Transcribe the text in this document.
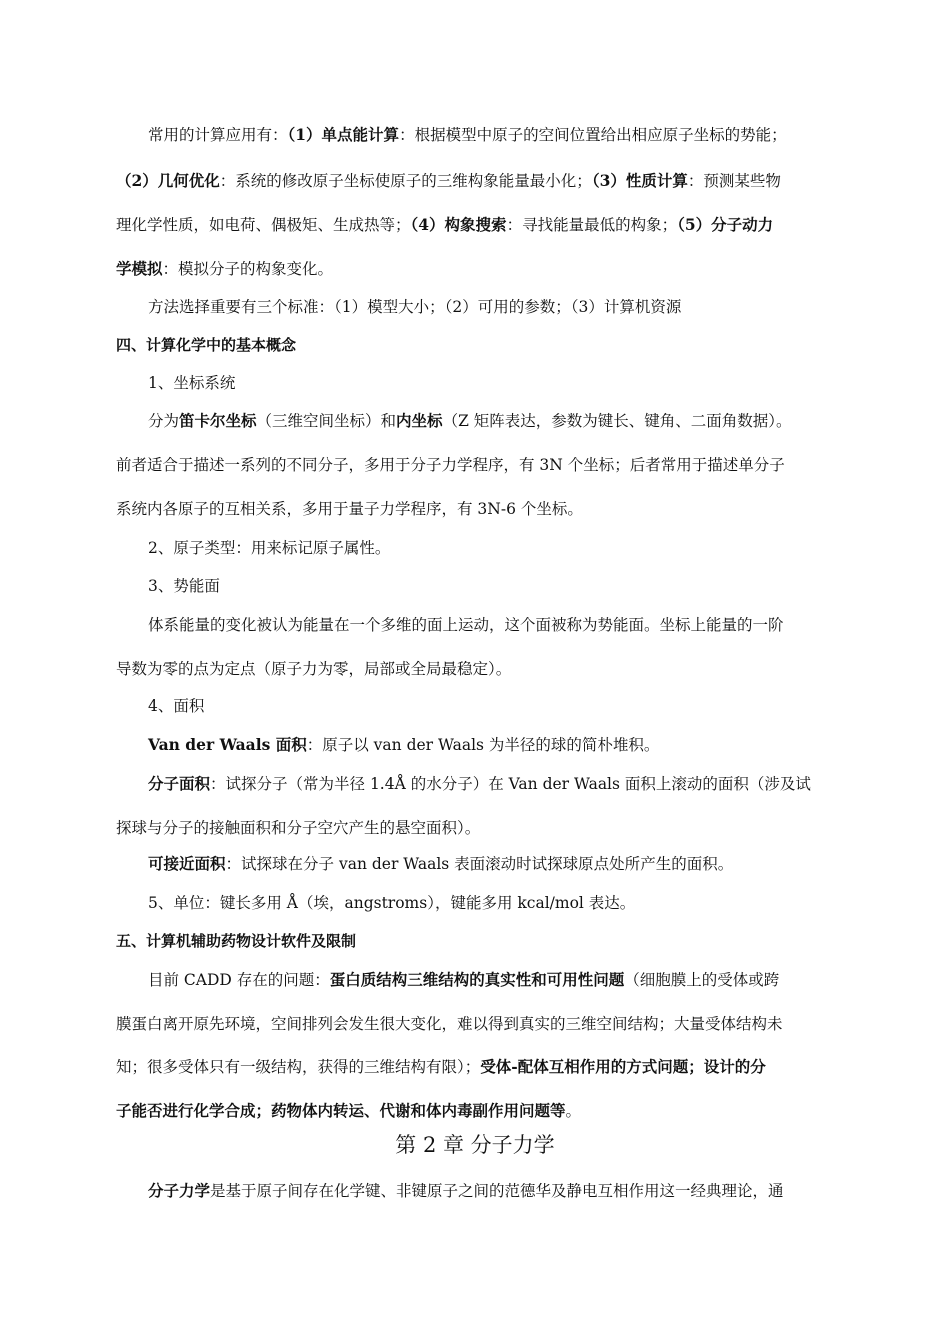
常用的计算应用有：（1）单点能计算：根据模型中原子的空间位置给出相应原子坐标的势能；
（2）几何优化：系统的修改原子坐标使原子的三维构象能量最小化；（3）性质计算：预测某些物
理化学性质，如电荷、偶极矩、生成热等；（4）构象搜索：寻找能量最低的构象；（5）分子动力
学模拟：模拟分子的构象变化。
方法选择重要有三个标准：（1）模型大小；（2）可用的参数；（3）计算机资源
四、计算化学中的基本概念
1、坐标系统
分为笛卡尔坐标（三维空间坐标）和内坐标（Z 矩阵表达，参数为键长、键角、二面角数据）。
前者适合于描述一系列的不同分子，多用于分子力学程序，有 3N 个坐标；后者常用于描述单分子
系统内各原子的互相关系，多用于量子力学程序，有 3N-6 个坐标。
2、原子类型：用来标记原子属性。
3、势能面
体系能量的变化被认为能量在一个多维的面上运动，这个面被称为势能面。坐标上能量的一阶
导数为零的点为定点（原子力为零，局部或全局最稳定）。
4、面积
Van der Waals 面积：原子以 van der Waals 为半径的球的简朴堆积。
分子面积：试探分子（常为半径 1.4Å 的水分子）在 Van der Waals 面积上滚动的面积（涉及试
探球与分子的接触面积和分子空穴产生的悬空面积）。
可接近面积：试探球在分子 van der Waals 表面滚动时试探球原点处所产生的面积。
5、单位：键长多用 Å（埃，angstroms），键能多用 kcal/mol 表达。
五、计算机辅助药物设计软件及限制
目前 CADD 存在的问题：蛋白质结构三维结构的真实性和可用性问题（细胞膜上的受体或跨
膜蛋白离开原先环境，空间排列会发生很大变化，难以得到真实的三维空间结构；大量受体结构未
知；很多受体只有一级结构，获得的三维结构有限）；受体-配体互相作用的方式问题；设计的分
子能否进行化学合成；药物体内转运、代谢和体内毒副作用问题等。
第 2 章 分子力学
分子力学是基于原子间存在化学键、非键原子之间的范德华及静电互相作用这一经典理论，通
